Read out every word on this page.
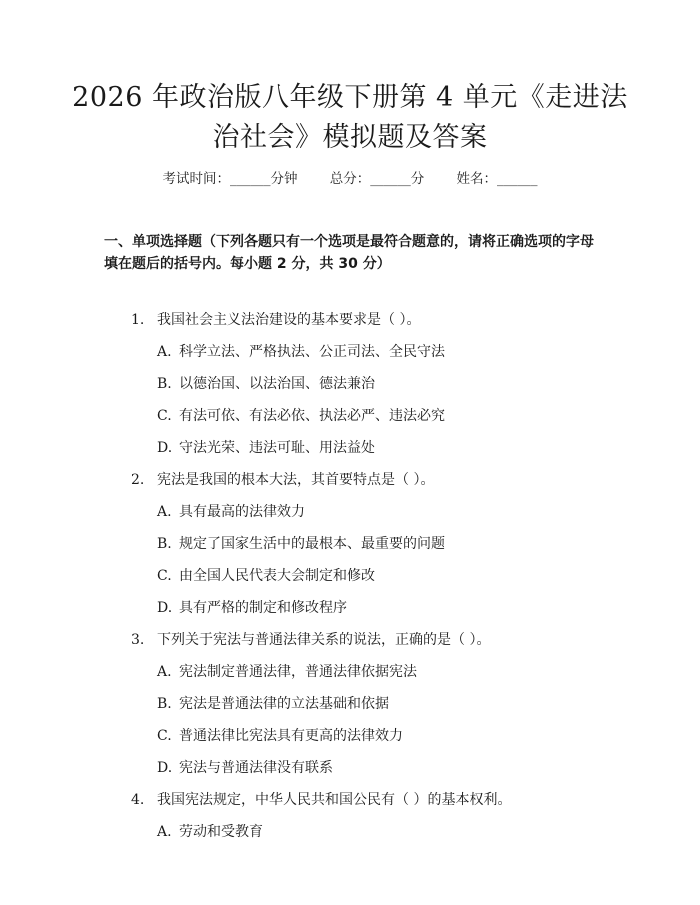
2026 年政治版八年级下册第 4 单元《走进法治社会》模拟题及答案
考试时间：______分钟 总分：______分 姓名：______
一、单项选择题（下列各题只有一个选项是最符合题意的，请将正确选项的字母填在题后的括号内。每小题 2 分，共 30 分）
1. 我国社会主义法治建设的基本要求是（ ）。
A. 科学立法、严格执法、公正司法、全民守法
B. 以德治国、以法治国、德法兼治
C. 有法可依、有法必依、执法必严、违法必究
D. 守法光荣、违法可耻、用法益处
2. 宪法是我国的根本大法，其首要特点是（ ）。
A. 具有最高的法律效力
B. 规定了国家生活中的最根本、最重要的问题
C. 由全国人民代表大会制定和修改
D. 具有严格的制定和修改程序
3. 下列关于宪法与普通法律关系的说法，正确的是（ ）。
A. 宪法制定普通法律，普通法律依据宪法
B. 宪法是普通法律的立法基础和依据
C. 普通法律比宪法具有更高的法律效力
D. 宪法与普通法律没有联系
4. 我国宪法规定，中华人民共和国公民有（ ）的基本权利。
A. 劳动和受教育
